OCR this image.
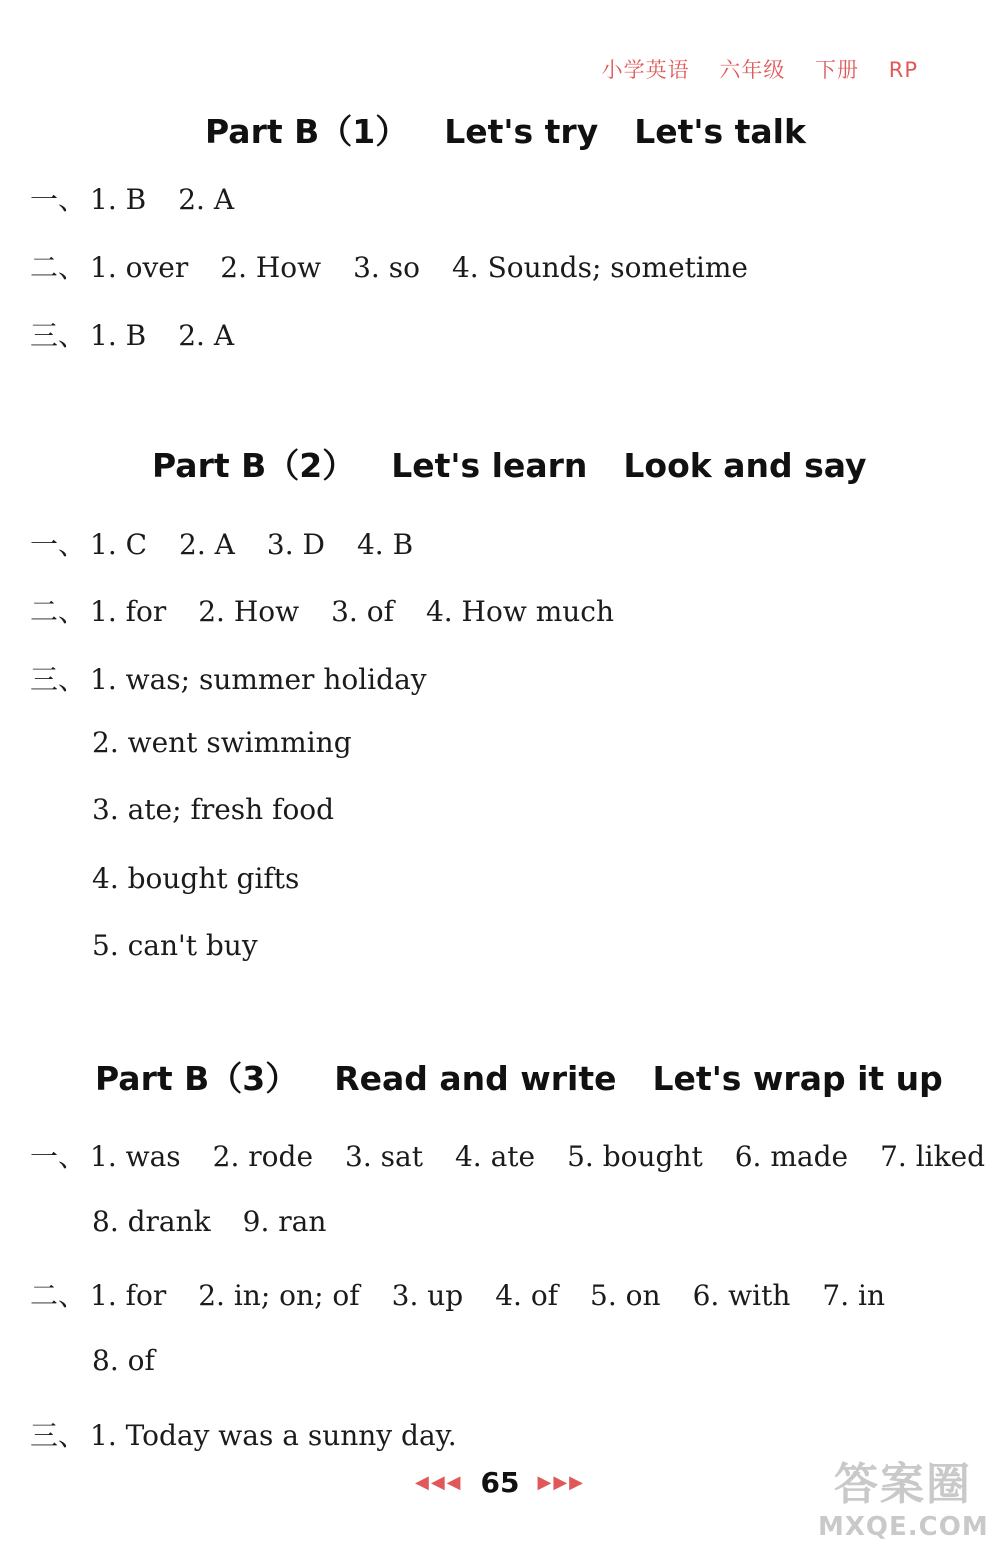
小学英语 六年级 下册 RP
Part B（1） Let's try Let's talk
一、 1. B 2. A
二、 1. over 2. How 3. so 4. Sounds; sometime
三、 1. B 2. A
Part B（2） Let's learn Look and say
一、 1. C 2. A 3. D 4. B
二、 1. for 2. How 3. of 4. How much
三、 1. was; summer holiday
2. went swimming
3. ate; fresh food
4. bought gifts
5. can't buy
Part B（3） Read and write Let's wrap it up
一、 1. was 2. rode 3. sat 4. ate 5. bought 6. made 7. liked
8. drank 9. ran
二、 1. for 2. in; on; of 3. up 4. of 5. on 6. with 7. in
8. of
三、 1. Today was a sunny day.
◀◀◀ 65 ▶▶▶	答案圈
MXQE.COM
